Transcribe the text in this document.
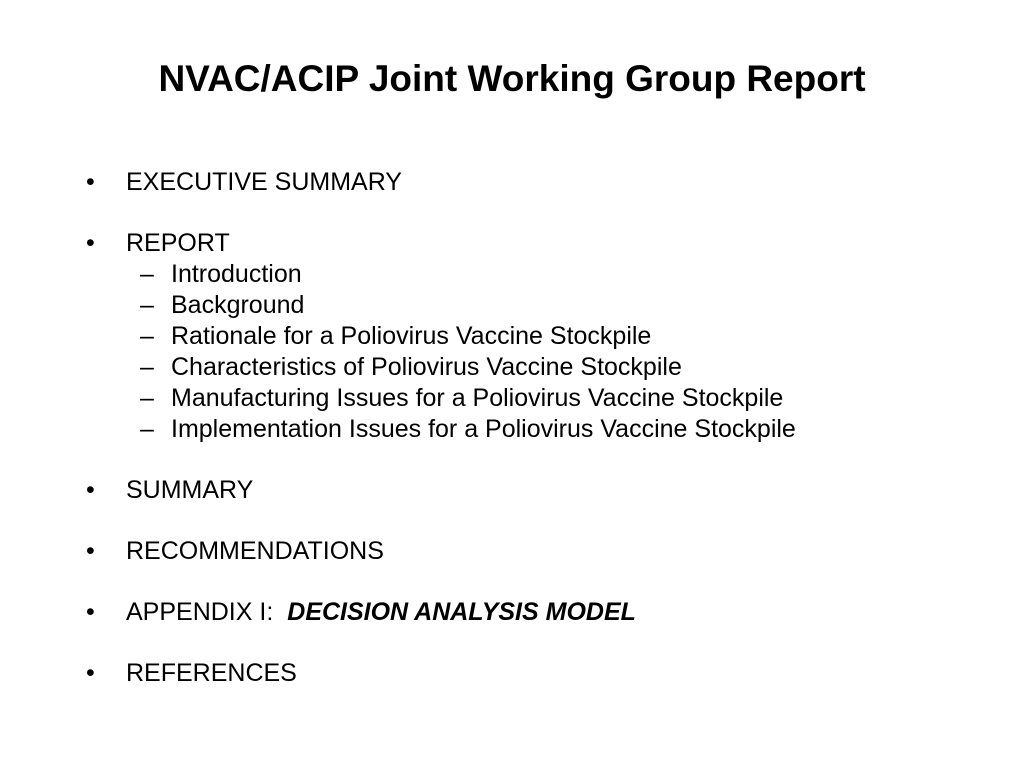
NVAC/ACIP Joint Working Group Report
•	EXECUTIVE SUMMARY
•	REPORT
– Introduction
– Background
– Rationale for a Poliovirus Vaccine Stockpile
– Characteristics of Poliovirus Vaccine Stockpile
– Manufacturing Issues for a Poliovirus Vaccine Stockpile
– Implementation Issues for a Poliovirus Vaccine Stockpile
•	SUMMARY
•	RECOMMENDATIONS
•	APPENDIX I: DECISION ANALYSIS MODEL
•	REFERENCES
